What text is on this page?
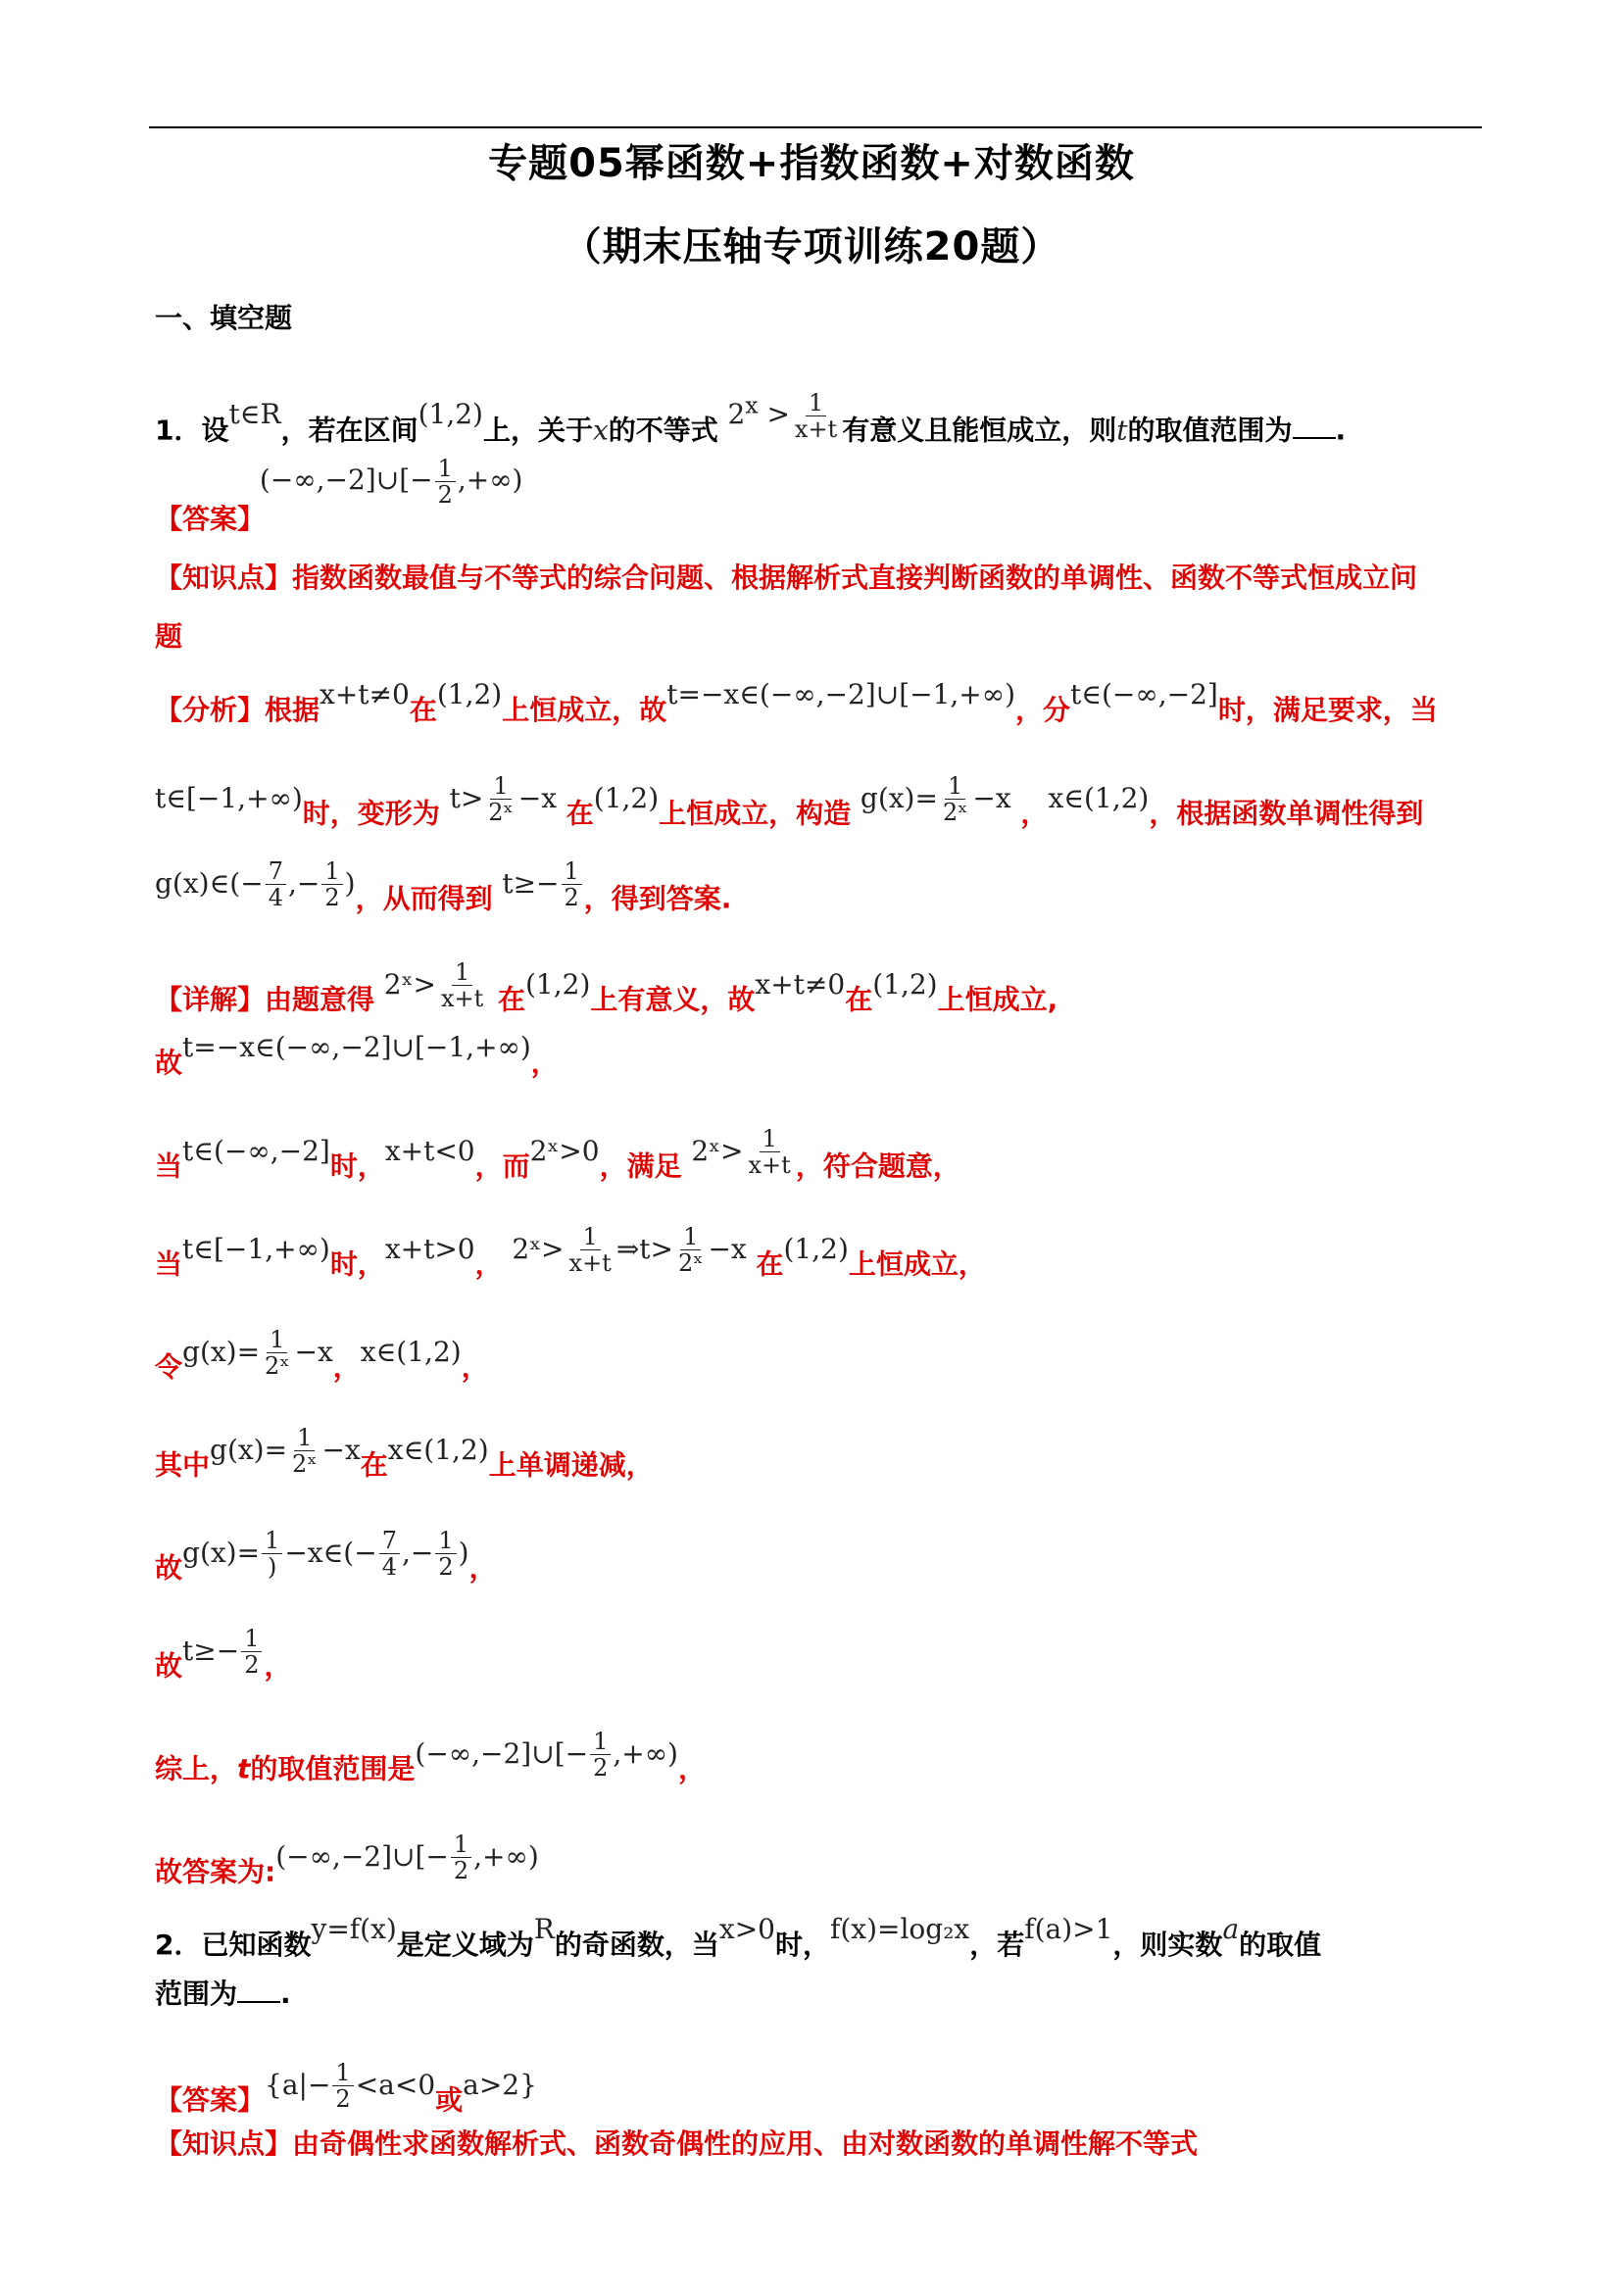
专题05幂函数+指数函数+对数函数
（期末压轴专项训练20题）
一、填空题
1．设t∈R，若在区间(1,2)上，关于x的不等式 $2^x > \frac{1}{x+t}$ 有意义且能恒成立，则t的取值范围为 .
【答案】 (−∞,−2]∪[− $\frac{1}{2}$ ,+∞)
【知识点】指数函数最值与不等式的综合问题、根据解析式直接判断函数的单调性、函数不等式恒成立问
题
【分析】根据x+t≠0在(1,2)上恒成立，故t=−x∈(−∞,−2]∪[−1,+∞)，分t∈(−∞,−2]时，满足要求，当
t∈[−1,+∞)时，变形为 $t> \frac{1}{\text{2ˣ}} -x$ 在(1,2)上恒成立，构造 $g(x)= \frac{1}{\text{2ˣ}} -x$ ，x∈(1,2)，根据函数单调性得到
g(x)∈(− $\frac{7}{4}$ ,− $\frac{1}{2}$ )，从而得到 $t\ge- \frac{1}{2}$ ，得到答案.
【详解】由题意得 2ˣ> $\frac{1}{x+t}$ 在(1,2)上有意义，故x+t≠0在(1,2)上恒成立,
故t=−x∈(−∞,−2]∪[−1,+∞)，
当t∈(−∞,−2]时，x+t<0，而2ˣ>0，满足 2ˣ> $\frac{1}{x+t}$ ，符合题意，
当t∈[−1,+∞)时，x+t>0， 2ˣ> $\frac{1}{x+t}$ ⇒t> $\frac{1}{\text{2ˣ}} -x$ 在(1,2)上恒成立，
令$g(x)= \frac{1}{\text{2ˣ}} -x$，x∈(1,2)，
其中$g(x)= \frac{1}{\text{2ˣ}} -x$在x∈(1,2)上单调递减，
故$g(x)= \frac{1}{)}$ −x∈(− $\frac{7}{4}$ ,− $\frac{1}{2}$ )，
故$t\ge- \frac{1}{2}$ ，
综上，t的取值范围是(−∞,−2]∪[− $\frac{1}{2}$ ,+∞)，
故答案为:(−∞,−2]∪[− $\frac{1}{2}$ ,+∞)
2．已知函数y=f(x)是定义域为R的奇函数，当x>0时，f(x)=log₂x，若f(a)>1，则实数a的取值
范围为 .
【答案】{$a|- \frac{1}{2} <a<0$或a>2}
【知识点】由奇偶性求函数解析式、函数奇偶性的应用、由对数函数的单调性解不等式
